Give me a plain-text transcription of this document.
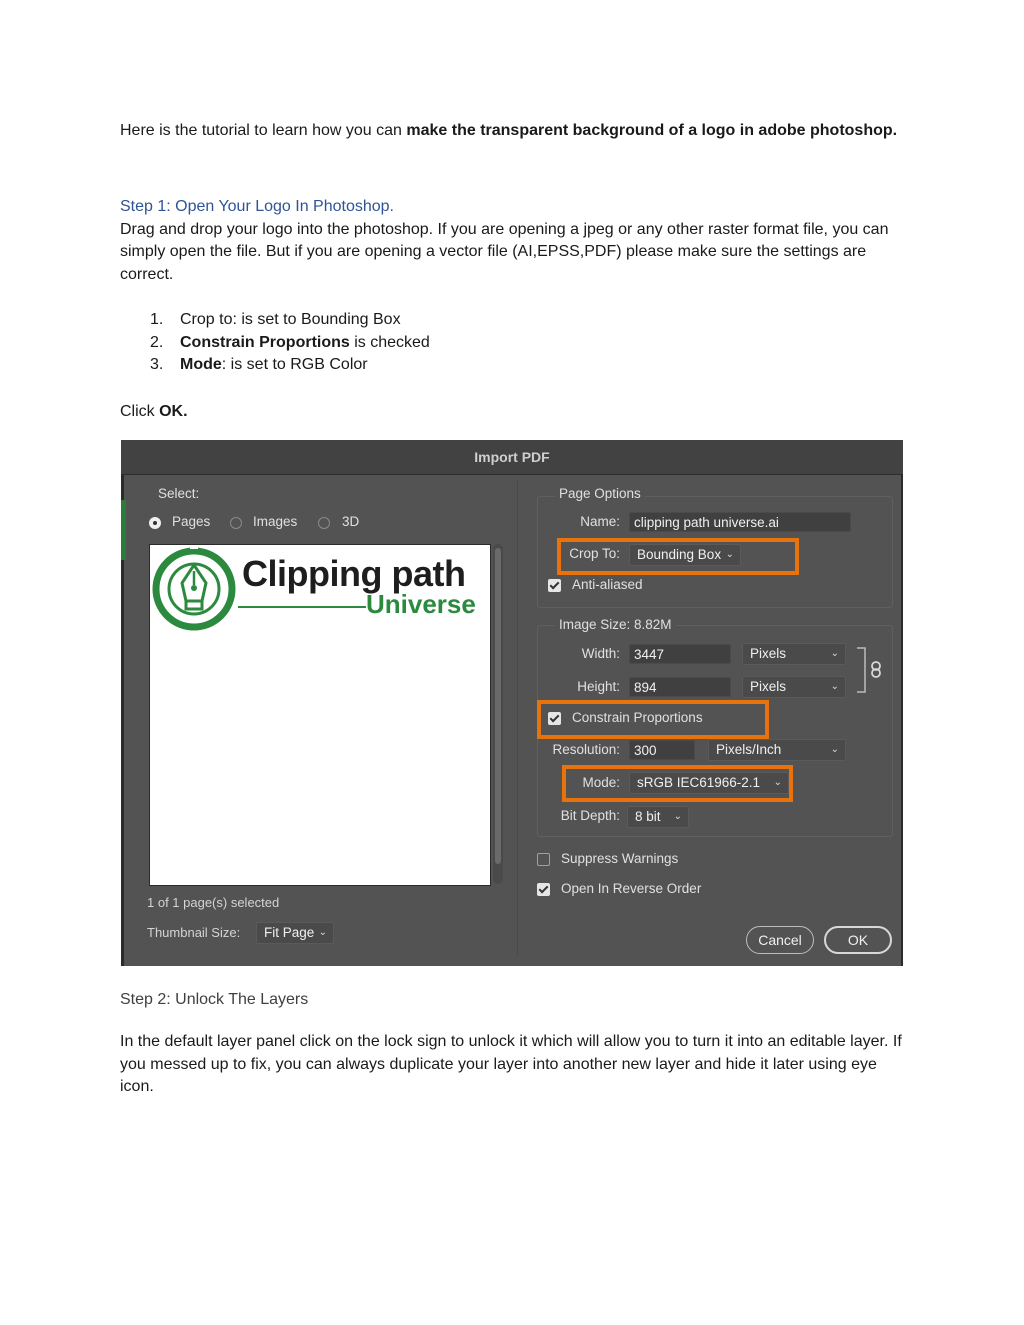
Here is the tutorial to learn how you can make the transparent background of a logo in adobe photoshop.

Step 1: Open Your Logo In Photoshop.

Drag and drop your logo into the photoshop. If you are opening a jpeg or any other raster format file, you can simply open the file. But if you are opening a vector file (AI,EPSS,PDF) please make sure the settings are correct.

1. Crop to: is set to Bounding Box
2. Constrain Proportions is checked
3. Mode: is set to RGB Color

Click OK.

Import PDF
Select:
Pages	Images	3D
Clipping path
Universe
1 of 1 page(s) selected
Thumbnail Size:	Fit Page ⌄
Page Options
Name:	clipping path universe.ai
Crop To:	Bounding Box ⌄
Anti-aliased
Image Size: 8.82M
Width:	3447	Pixels	⌄
Height:	894	Pixels	⌄
Constrain Proportions
Resolution:	300	Pixels/Inch	⌄
Mode:	sRGB IEC61966-2.1 ⌄
Bit Depth:	8 bit ⌄
Suppress Warnings
Open In Reverse Order
Cancel	OK

Step 2: Unlock The Layers

In the default layer panel click on the lock sign to unlock it which will allow you to turn it into an editable layer. If you messed up to fix, you can always duplicate your layer into another new layer and hide it later using eye icon.
